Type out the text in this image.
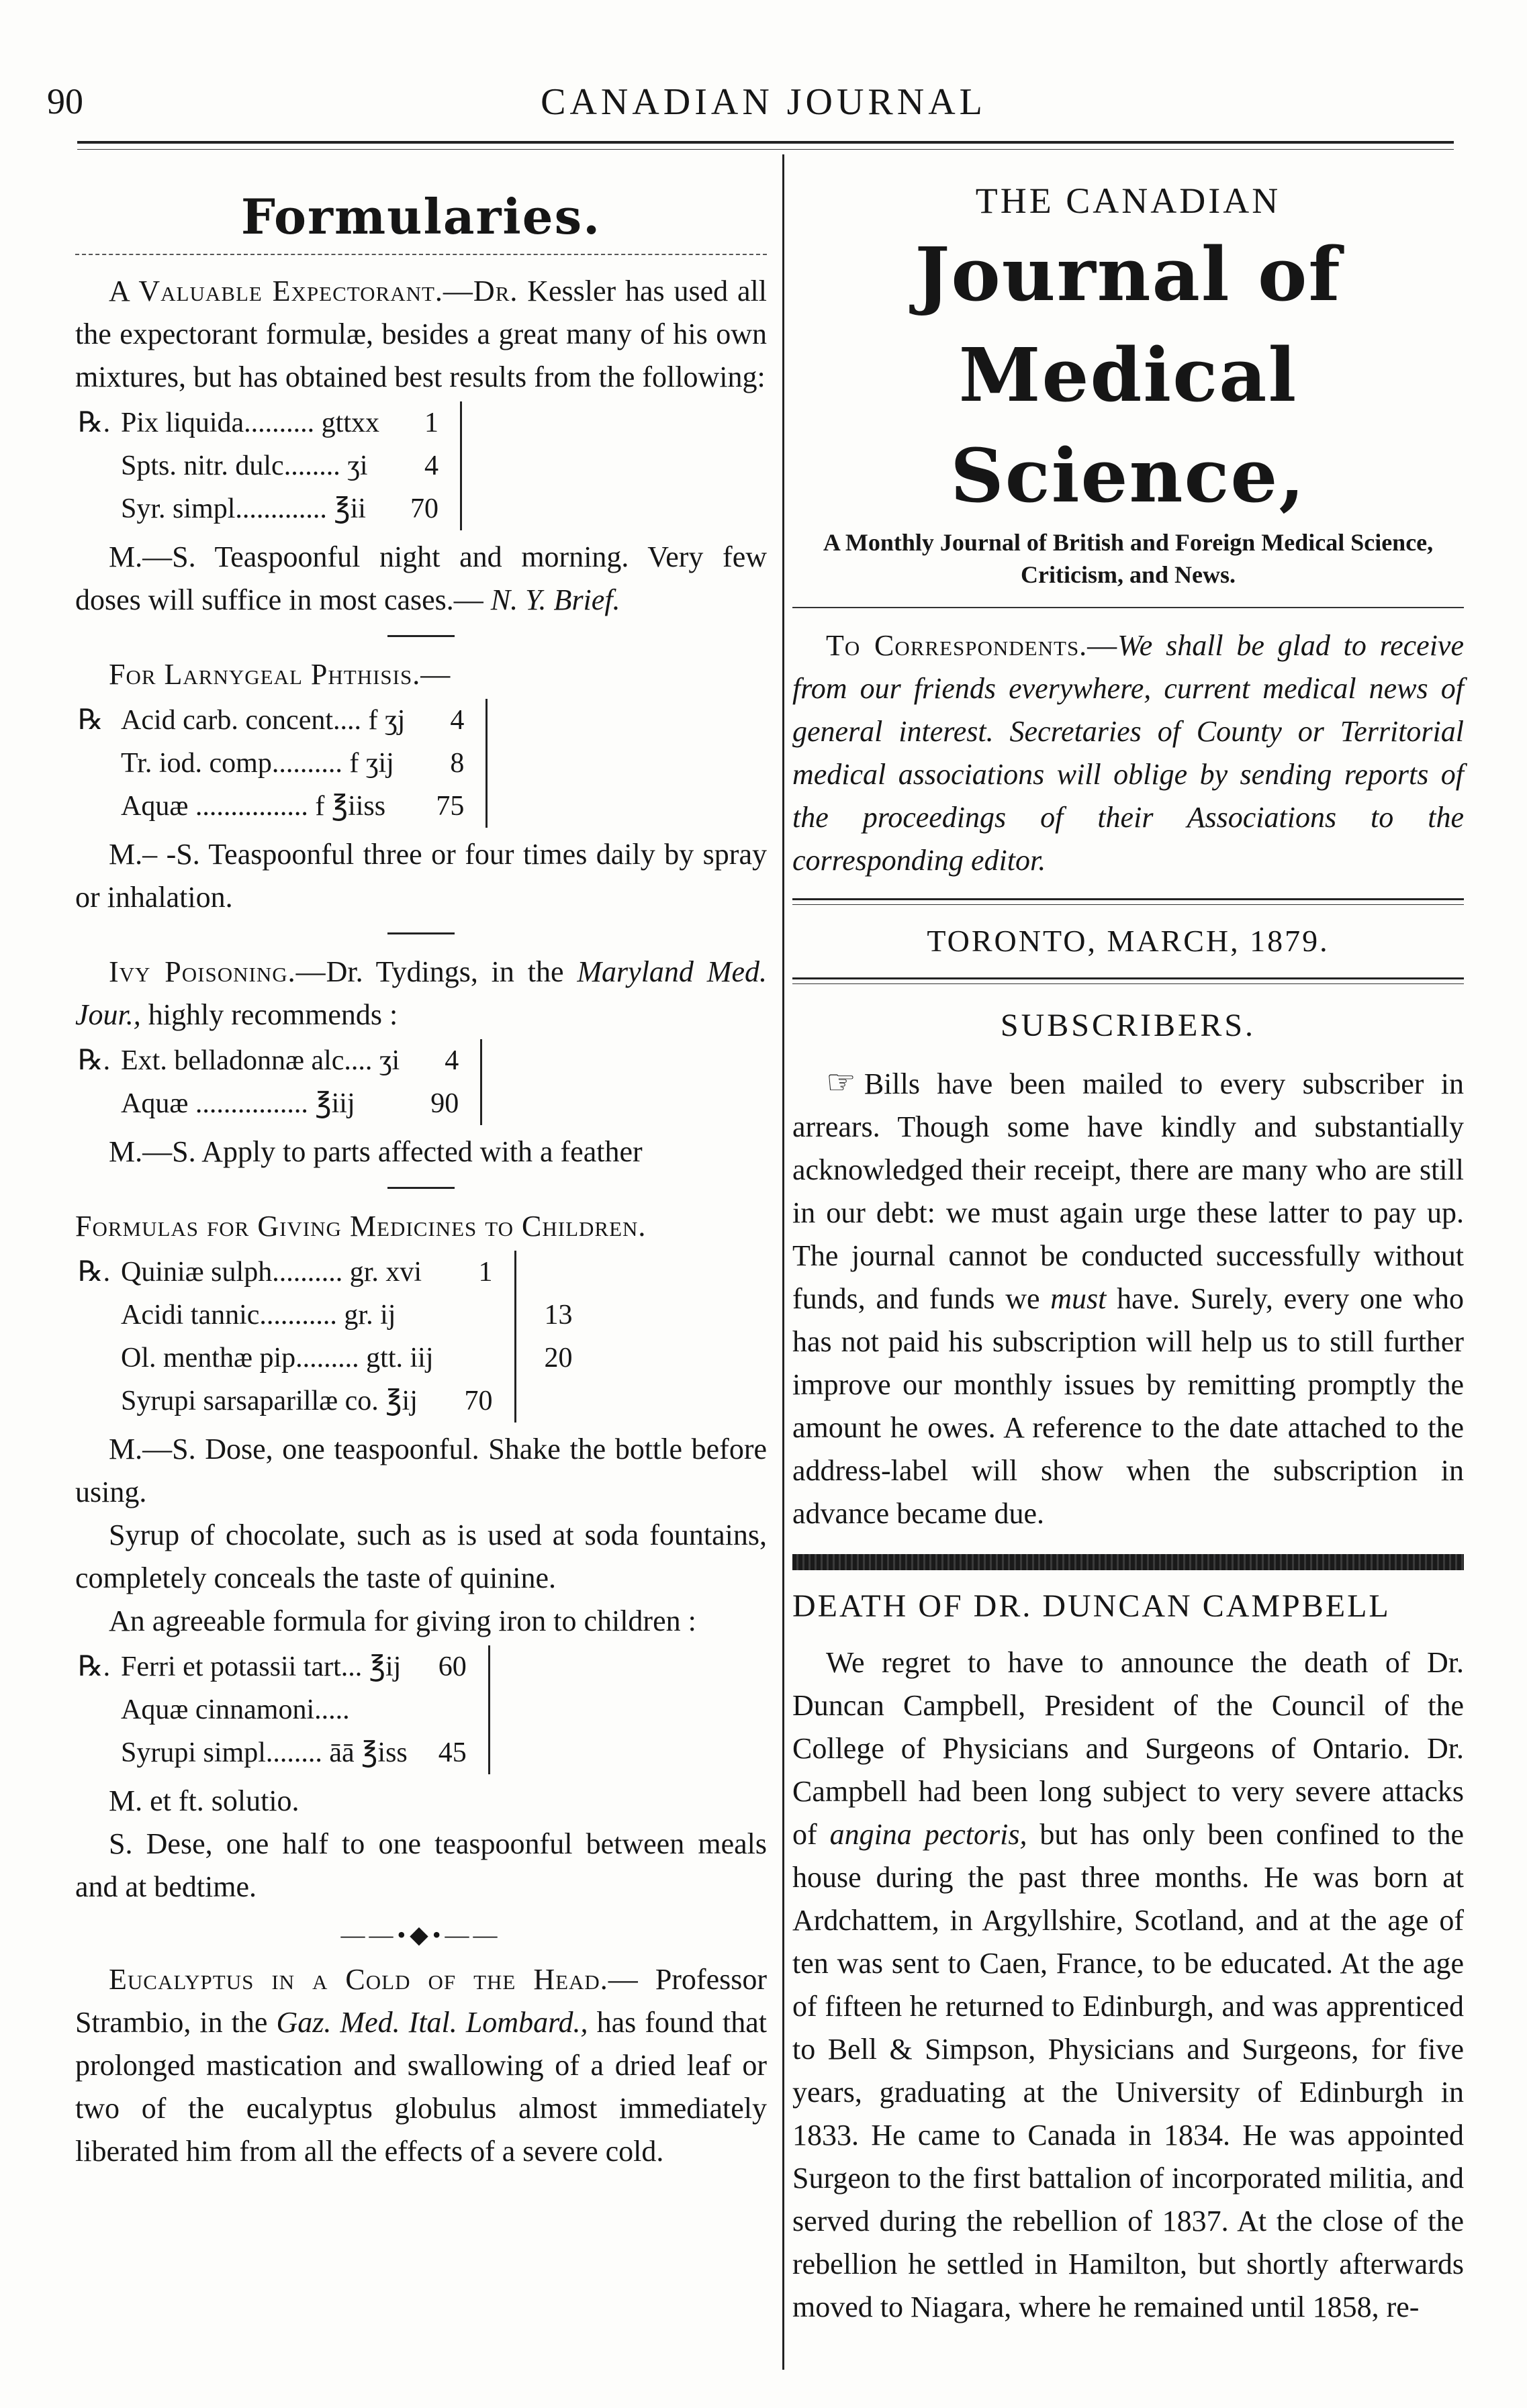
90	CANADIAN JOURNAL
Formularies.

A Valuable Expectorant.—Dr. Kessler has used all the expectorant formulæ, besides a great many of his own mixtures, but has obtained best results from the following:

℞.	Pix liquida.......... gttxx	1	
	Spts. nitr. dulc........ ʒi	4	
	Syr. simpl............. ℥ii	70	

M.—S. Teaspoonful night and morning. Very few doses will suffice in most cases.— N. Y. Brief.

For Larnygeal Phthisis.—

℞	Acid carb. concent.... f ʒj	4	
	Tr. iod. comp.......... f ʒij	8	
	Aquæ ................ f ℥iiss	75	

M.– -S. Teaspoonful three or four times daily by spray or inhalation.

Ivy Poisoning.—Dr. Tydings, in the Maryland Med. Jour., highly recommends :

℞.	Ext. belladonnæ alc.... ʒi	4	
	Aquæ ................ ℥iij	90	

M.—S. Apply to parts affected with a feather

Formulas for Giving Medicines to Children.

℞.	Quiniæ sulph.......... gr. xvi	1		
	Acidi tannic........... gr. ij			13
	Ol. menthæ pip......... gtt. iij			20
	Syrupi sarsaparillæ co. ℥ij	70		

M.—S. Dose, one teaspoonful. Shake the bottle before using.

Syrup of chocolate, such as is used at soda fountains, completely conceals the taste of quinine.

An agreeable formula for giving iron to children :

℞.	Ferri et potassii tart... ℥ij	60	
	Aquæ cinnamoni.....		
	Syrupi simpl........ āā ℥iss	45	

M. et ft. solutio.

S. Dese, one half to one teaspoonful between meals and at bedtime.

——•◆•——

Eucalyptus in a Cold of the Head.— Professor Strambio, in the Gaz. Med. Ital. Lombard., has found that prolonged mastication and swallowing of a dried leaf or two of the eucalyptus globulus almost immediately liberated him from all the effects of a severe cold.

THE CANADIAN
Journal of Medical Science,
A Monthly Journal of British and Foreign Medical Science, Criticism, and News.

To Correspondents.—We shall be glad to receive from our friends everywhere, current medical news of general interest. Secretaries of County or Territorial medical associations will oblige by sending reports of the proceedings of their Associations to the corresponding editor.

TORONTO, MARCH, 1879.
SUBSCRIBERS.

☞ Bills have been mailed to every subscriber in arrears. Though some have kindly and substantially acknowledged their receipt, there are many who are still in our debt: we must again urge these latter to pay up. The journal cannot be conducted successfully without funds, and funds we must have. Surely, every one who has not paid his subscription will help us to still further improve our monthly issues by remitting promptly the amount he owes. A reference to the date attached to the address-label will show when the subscription in advance became due.

DEATH OF DR. DUNCAN CAMPBELL

We regret to have to announce the death of Dr. Duncan Campbell, President of the Council of the College of Physicians and Surgeons of Ontario. Dr. Campbell had been long subject to very severe attacks of angina pectoris, but has only been confined to the house during the past three months. He was born at Ardchattem, in Argyllshire, Scotland, and at the age of ten was sent to Caen, France, to be educated. At the age of fifteen he returned to Edinburgh, and was apprenticed to Bell & Simpson, Physicians and Surgeons, for five years, graduating at the University of Edinburgh in 1833. He came to Canada in 1834. He was appointed Surgeon to the first battalion of incorporated militia, and served during the rebellion of 1837. At the close of the rebellion he settled in Hamilton, but shortly afterwards moved to Niagara, where he remained until 1858, re-
